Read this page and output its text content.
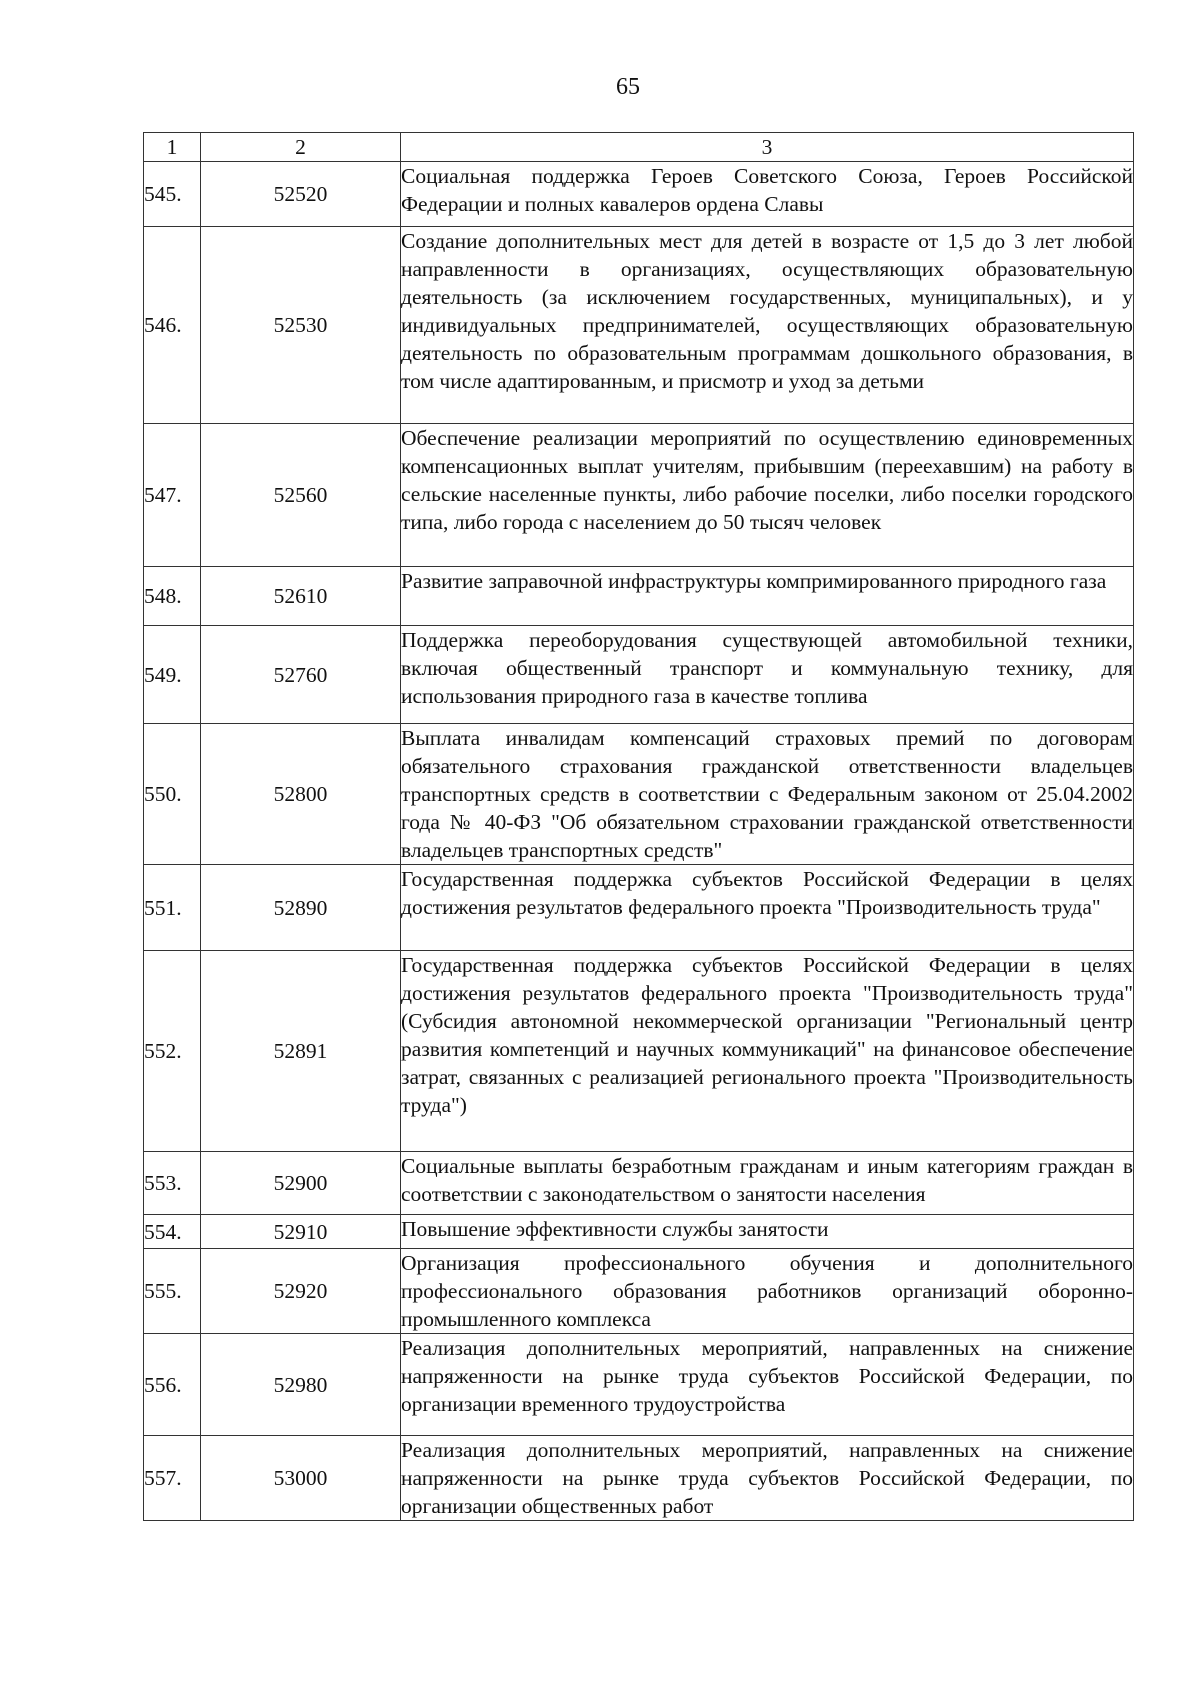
65
1	2	3
545.	52520	Социальная поддержка Героев Советского Союза, Героев Российской Федерации и полных кавалеров ордена Славы
546.	52530	Создание дополнительных мест для детей в возрасте от 1,5 до 3 лет любой направленности в организациях, осуществляющих образовательную деятельность (за исключением государственных, муниципальных), и у индивидуальных предпринимателей, осуществляющих образовательную деятельность по образовательным программам дошкольного образования, в том числе адаптированным, и присмотр и уход за детьми
547.	52560	Обеспечение реализации мероприятий по осуществлению единовременных компенсационных выплат учителям, прибывшим (переехавшим) на работу в сельские населенные пункты, либо рабочие поселки, либо поселки городского типа, либо города с населением до 50 тысяч человек
548.	52610	Развитие заправочной инфраструктуры компримированного природного газа
549.	52760	Поддержка переоборудования существующей автомобильной техники, включая общественный транспорт и коммунальную технику, для использования природного газа в качестве топлива
550.	52800	Выплата инвалидам компенсаций страховых премий по договорам обязательного страхования гражданской ответственности владельцев транспортных средств в соответствии с Федеральным законом от 25.04.2002 года № 40-ФЗ "Об обязательном страховании гражданской ответственности владельцев транспортных средств"
551.	52890	Государственная поддержка субъектов Российской Федерации в целях достижения результатов федерального проекта "Производительность труда"
552.	52891	Государственная поддержка субъектов Российской Федерации в целях достижения результатов федерального проекта "Производительность труда" (Субсидия автономной некоммерческой организации "Региональный центр развития компетенций и научных коммуникаций" на финансовое обеспечение затрат, связанных с реализацией регионального проекта "Производительность труда")
553.	52900	Социальные выплаты безработным гражданам и иным категориям граждан в соответствии с законодательством о занятости населения
554.	52910	Повышение эффективности службы занятости
555.	52920	Организация профессионального обучения и дополнительного профессионального образования работников организаций оборонно-промышленного комплекса
556.	52980	Реализация дополнительных мероприятий, направленных на снижение напряженности на рынке труда субъектов Российской Федерации, по организации временного трудоустройства
557.	53000	Реализация дополнительных мероприятий, направленных на снижение напряженности на рынке труда субъектов Российской Федерации, по организации общественных работ
